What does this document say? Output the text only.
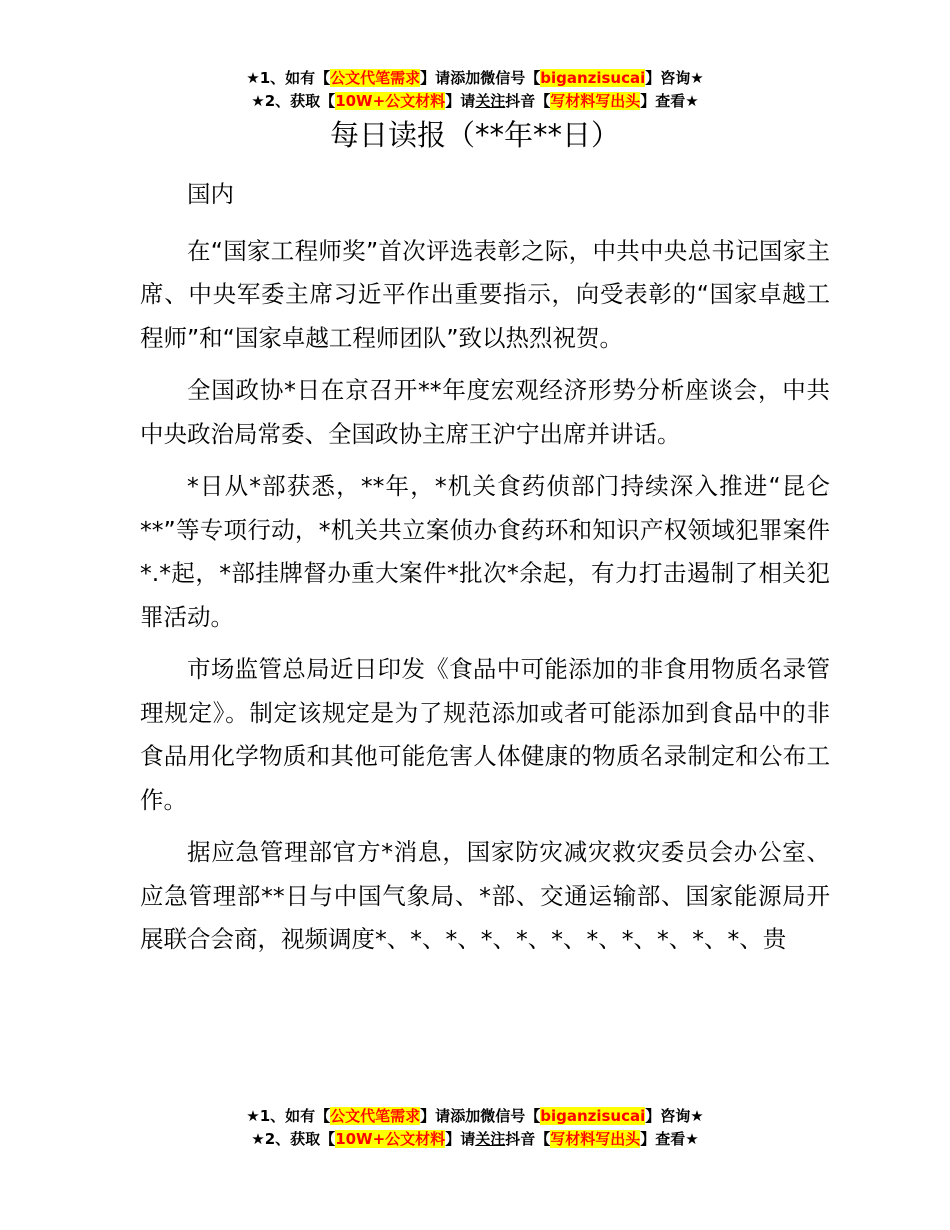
★1、如有【公文代笔需求】请添加微信号【biganzisucai】咨询★
★2、获取【10W+公文材料】请关注抖音【写材料写出头】查看★
每日读报（**年**日）

国内

在“国家工程师奖”首次评选表彰之际，中共中央总书记国家主席、中央军委主席习近平作出重要指示，向受表彰的“国家卓越工程师”和“国家卓越工程师团队”致以热烈祝贺。

全国政协*日在京召开**年度宏观经济形势分析座谈会，中共中央政治局常委、全国政协主席王沪宁出席并讲话。

*日从*部获悉，**年，*机关食药侦部门持续深入推进“昆仑**”等专项行动，*机关共立案侦办食药环和知识产权领域犯罪案件*.*起，*部挂牌督办重大案件*批次*余起，有力打击遏制了相关犯罪活动。

市场监管总局近日印发《食品中可能添加的非食用物质名录管理规定》。制定该规定是为了规范添加或者可能添加到食品中的非食品用化学物质和其他可能危害人体健康的物质名录制定和公布工作。

据应急管理部官方*消息，国家防灾减灾救灾委员会办公室、应急管理部**日与中国气象局、*部、交通运输部、国家能源局开展联合会商，视频调度*、*、*、*、*、*、*、*、*、*、*、贵

★1、如有【公文代笔需求】请添加微信号【biganzisucai】咨询★
★2、获取【10W+公文材料】请关注抖音【写材料写出头】查看★
